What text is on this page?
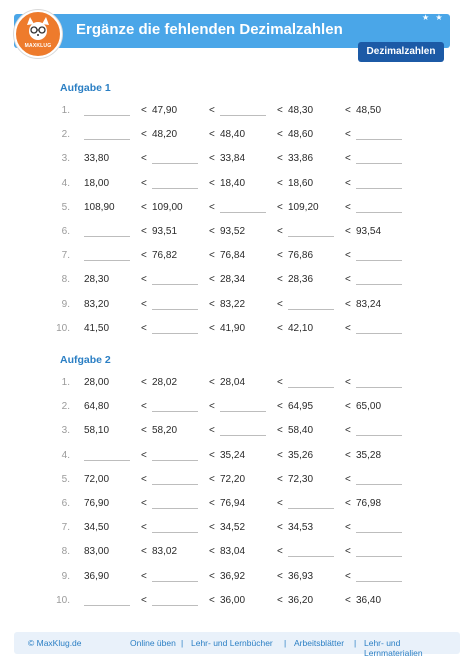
MAXKLUG
Ergänze die fehlenden Dezimalzahlen
★ ★
Dezimalzahlen
Aufgabe 1
1.	< 47,90	<	< 48,30	< 48,50
2.	< 48,20	< 48,40	< 48,60	<
3. 33,80	<	< 33,84	< 33,86	<
4. 18,00	<	< 18,40	< 18,60	<
5. 108,90	< 109,00	<	< 109,20	<
6.	< 93,51	< 93,52	<	< 93,54
7.	< 76,82	< 76,84	< 76,86	<
8. 28,30	<	< 28,34	< 28,36	<
9. 83,20	<	< 83,22	<	< 83,24
10. 41,50	<	< 41,90	< 42,10	<
Aufgabe 2
1. 28,00	< 28,02	< 28,04	<	<
2. 64,80	<	<	< 64,95	< 65,00
3. 58,10	< 58,20	<	< 58,40	<
4.	<	< 35,24	< 35,26	< 35,28
5. 72,00	<	< 72,20	< 72,30	<
6. 76,90	<	< 76,94	<	< 76,98
7. 34,50	<	< 34,52	< 34,53	<
8. 83,00	< 83,02	< 83,04	<	<
9. 36,90	<	< 36,92	< 36,93	<
10.	<	< 36,00	< 36,20	< 36,40
© MaxKlug.de	Online üben | Lehr- und Lernbücher | Arbeitsblätter | Lehr- und Lernmaterialien
